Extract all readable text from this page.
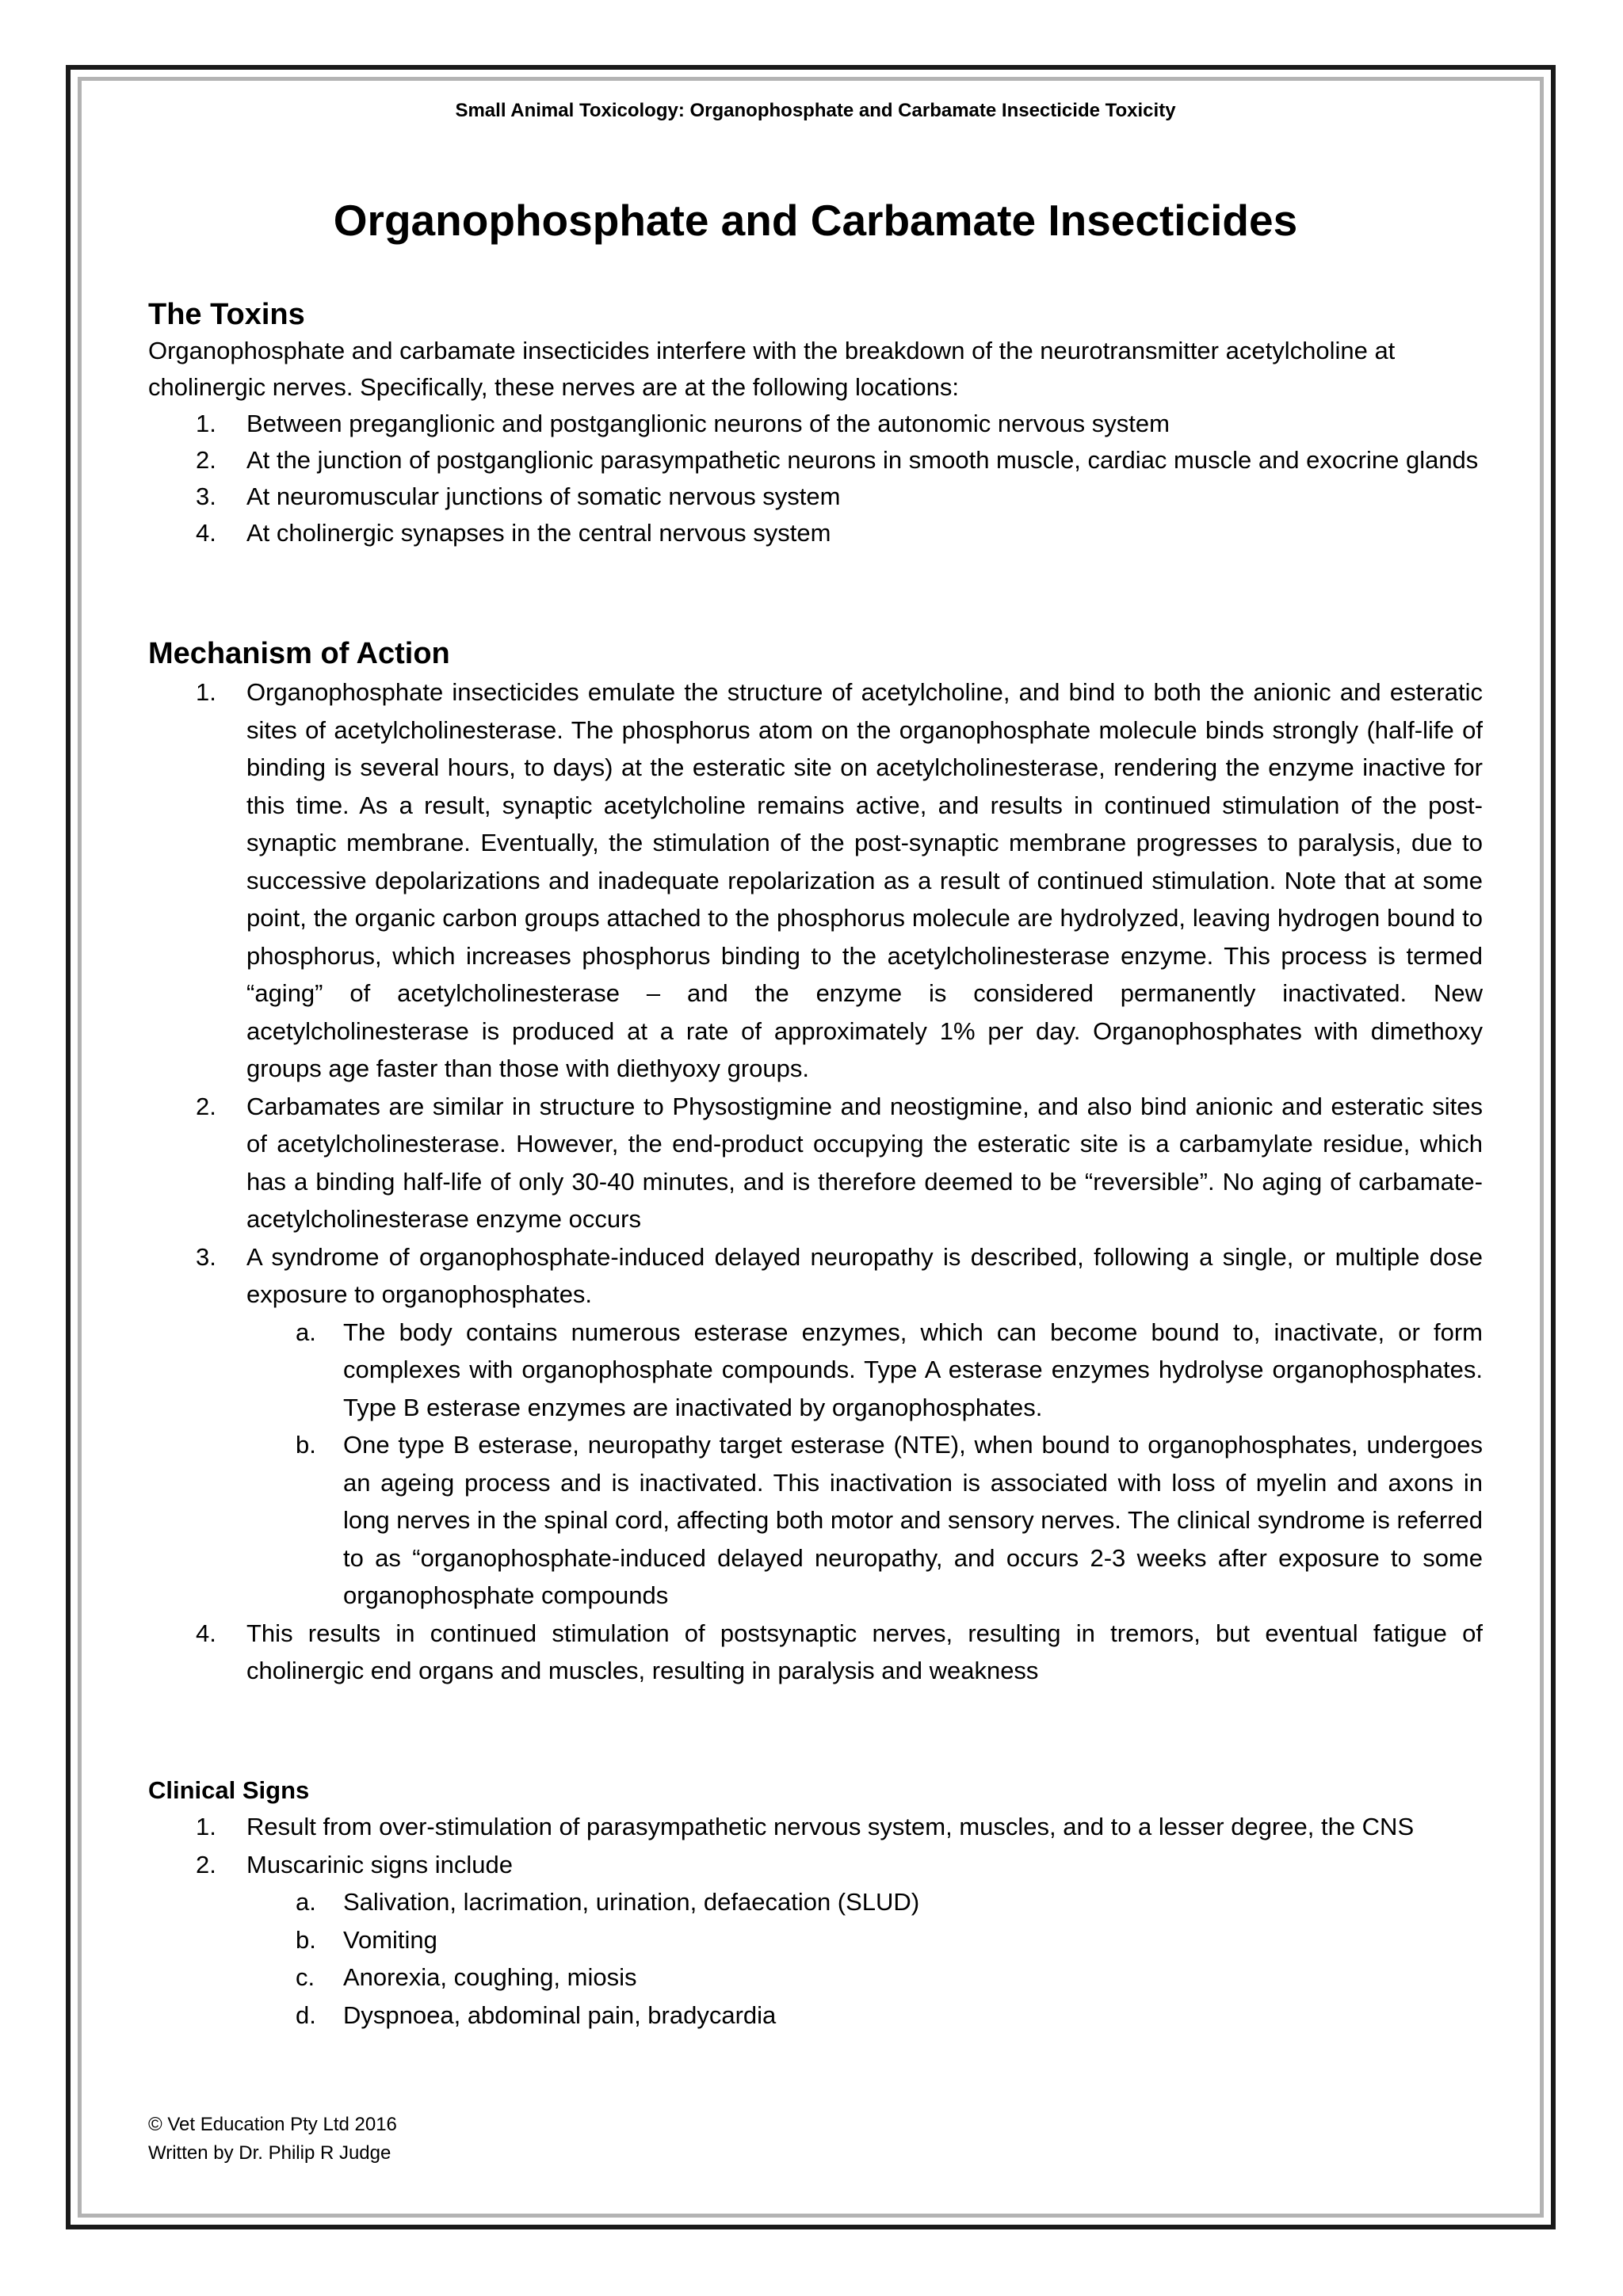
Small Animal Toxicology: Organophosphate and Carbamate Insecticide Toxicity
Organophosphate and Carbamate Insecticides
The Toxins

Organophosphate and carbamate insecticides interfere with the breakdown of the neurotransmitter acetylcholine at cholinergic nerves. Specifically, these nerves are at the following locations:

1. Between preganglionic and postganglionic neurons of the autonomic nervous system
2. At the junction of postganglionic parasympathetic neurons in smooth muscle, cardiac muscle and exocrine glands
3. At neuromuscular junctions of somatic nervous system
4. At cholinergic synapses in the central nervous system
Mechanism of Action
1. Organophosphate insecticides emulate the structure of acetylcholine, and bind to both the anionic and esteratic sites of acetylcholinesterase. The phosphorus atom on the organophosphate molecule binds strongly (half-life of binding is several hours, to days) at the esteratic site on acetylcholinesterase, rendering the enzyme inactive for this time. As a result, synaptic acetylcholine remains active, and results in continued stimulation of the post-synaptic membrane. Eventually, the stimulation of the post-synaptic membrane progresses to paralysis, due to successive depolarizations and inadequate repolarization as a result of continued stimulation. Note that at some point, the organic carbon groups attached to the phosphorus molecule are hydrolyzed, leaving hydrogen bound to phosphorus, which increases phosphorus binding to the acetylcholinesterase enzyme. This process is termed “aging” of acetylcholinesterase – and the enzyme is considered permanently inactivated. New acetylcholinesterase is produced at a rate of approximately 1% per day. Organophosphates with dimethoxy groups age faster than those with diethyoxy groups.
2. Carbamates are similar in structure to Physostigmine and neostigmine, and also bind anionic and esteratic sites of acetylcholinesterase. However, the end-product occupying the esteratic site is a carbamylate residue, which has a binding half-life of only 30-40 minutes, and is therefore deemed to be “reversible”. No aging of carbamate-acetylcholinesterase enzyme occurs
3. A syndrome of organophosphate-induced delayed neuropathy is described, following a single, or multiple dose exposure to organophosphates.
a. The body contains numerous esterase enzymes, which can become bound to, inactivate, or form complexes with organophosphate compounds. Type A esterase enzymes hydrolyse organophosphates. Type B esterase enzymes are inactivated by organophosphates.
b. One type B esterase, neuropathy target esterase (NTE), when bound to organophosphates, undergoes an ageing process and is inactivated. This inactivation is associated with loss of myelin and axons in long nerves in the spinal cord, affecting both motor and sensory nerves. The clinical syndrome is referred to as “organophosphate-induced delayed neuropathy, and occurs 2-3 weeks after exposure to some organophosphate compounds
4. This results in continued stimulation of postsynaptic nerves, resulting in tremors, but eventual fatigue of cholinergic end organs and muscles, resulting in paralysis and weakness
Clinical Signs
1. Result from over-stimulation of parasympathetic nervous system, muscles, and to a lesser degree, the CNS
2. Muscarinic signs include
a. Salivation, lacrimation, urination, defaecation (SLUD)
b. Vomiting
c. Anorexia, coughing, miosis
d. Dyspnoea, abdominal pain, bradycardia
© Vet Education Pty Ltd 2016
Written by Dr. Philip R Judge
